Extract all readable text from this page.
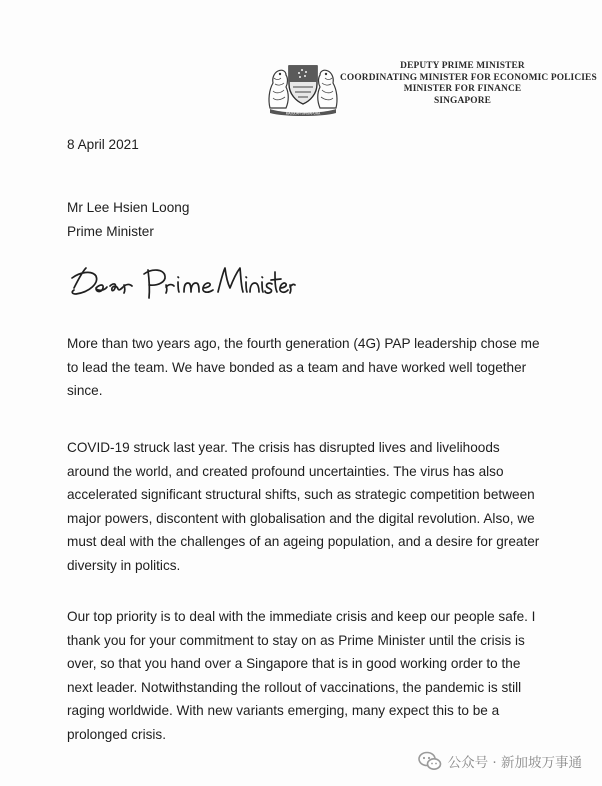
MAJULAH SINGAPURA
DEPUTY PRIME MINISTER
COORDINATING MINISTER FOR ECONOMIC POLICIES
MINISTER FOR FINANCE
SINGAPORE
8 April 2021
Mr Lee Hsien Loong
Prime Minister
More than two years ago, the fourth generation (4G) PAP leadership chose me
to lead the team. We have bonded as a team and have worked well together
since.
COVID-19 struck last year. The crisis has disrupted lives and livelihoods
around the world, and created profound uncertainties. The virus has also
accelerated significant structural shifts, such as strategic competition between
major powers, discontent with globalisation and the digital revolution. Also, we
must deal with the challenges of an ageing population, and a desire for greater
diversity in politics.
Our top priority is to deal with the immediate crisis and keep our people safe. I
thank you for your commitment to stay on as Prime Minister until the crisis is
over, so that you hand over a Singapore that is in good working order to the
next leader. Notwithstanding the rollout of vaccinations, the pandemic is still
raging worldwide. With new variants emerging, many expect this to be a
prolonged crisis.
公众号 · 新加坡万事通
